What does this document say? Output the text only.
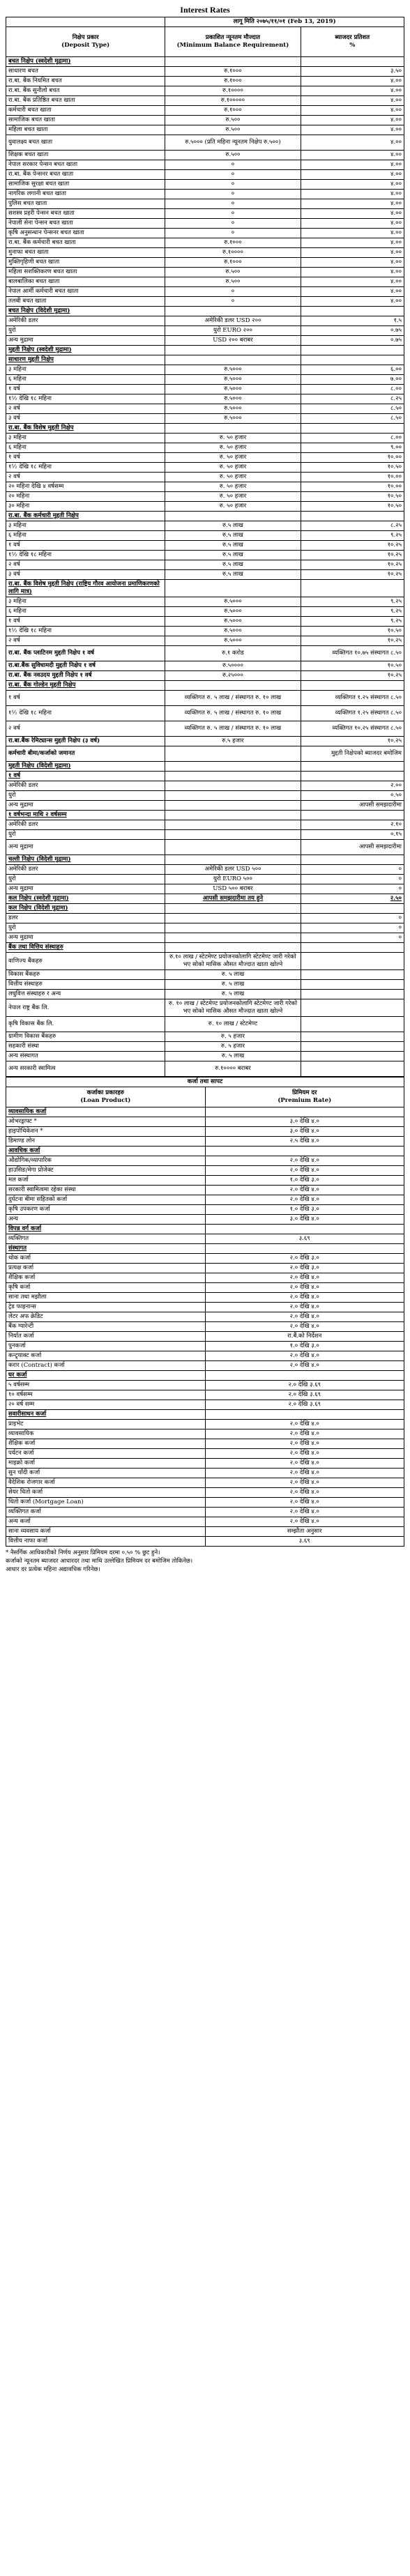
Interest Rates
	लागू मिति २०७५/११/०१ (Feb 13, 2019)	
निक्षेप प्रकार
(Deposit Type)	प्रकाशित न्यूनतम मौज्दात
(Minimum Balance Requirement)	ब्याजदर प्रतिशत
%
बचत निक्षेप (स्वदेशी मुद्रामा)		
साधारण बचत	रु.१०००	३.५०
रा.बा. बैंक नियमित बचत	रु.१०००	४.००
रा.बा. बैंक सुनौलो बचत	रु.१००००	४.००
रा.बा. बैंक प्रतिष्ठित बचत खाता	रु.१०००००	४.००
कर्मचारी बचत खाता	रु.१०००	४.००
सामाजिक बचत खाता	रु.५००	४.००
महिला बचत खाता	रु.५००	४.००
युवालक्ष्य बचत खाता	रु.५००० (प्रति महिना न्यूनतम निक्षेप रु.५००)	४.००
शिक्षक बचत खाता	रु.५००	४.००
नेपाल सरकार पेन्सन बचत खाता	०	४.००
रा.बा. बैंक पेन्सनर बचत खाता	०	४.००
सामाजिक सुरक्षा बचत खाता	०	४.००
नागरिक लगानी बचत खाता	०	४.००
पुलिस बचत खाता	०	४.००
सशस्त्र प्रहरी पेन्सन बचत खाता	०	४.००
नेपाली सेना पेन्सन बचत खाता	०	४.००
कृषि अनुसन्धान पेन्सनर बचत खाता	०	४.००
रा.बा. बैंक कर्मचारी बचत खाता	रु.१०००	४.००
मुनाफा बचत खाता	रु.१००००	४.००
मुक्तिगृहिणी बचत खाता	रु.१०००	४.००
महिला सशक्तिकरण बचत खाता	रु.५००	४.००
बालबालिका बचत खाता	रु.५००	४.००
नेपाल आर्मी कर्मचारी बचत खाता	०	४.००
तलबी बचत खाता	०	४.००
बचत निक्षेप (विदेशी मुद्रामा)		
अमेरिकी डलर	अमेरिकी डलर USD २००	१.५
युरो	युरो EURO २००	०.७५
अन्य मुद्रामा	USD २०० बराबर	०.७५
मुद्दती निक्षेप (स्वदेशी मुद्रामा)		
साधारण मुद्दती निक्षेप		
३ महिना	रु.५०००	६.००
६ महिना	रु.५०००	७.००
१ वर्ष	रु.५०००	८.००
१½ देखि १८ महिना	रु.५०००	८.२५
२ वर्ष	रु.५०००	८.५०
३ वर्ष	रु.५०००	८.५०
रा.बा. बैंक विशेष मुद्दती निक्षेप		
३ महिना	रु. ५० हजार	८.००
६ महिना	रु. ५० हजार	९.००
१ वर्ष	रु. ५० हजार	१०.००
१½ देखि १८ महिना	रु. ५० हजार	१०.५०
२ वर्ष	रु. ५० हजार	१०.००
२० महिना देखि ४ वर्षसम्म	रु. ५० हजार	१०.००
२० महिना	रु. ५० हजार	१०.५०
३० महिना	रु. ५० हजार	१०.५०
रा.बा. बैंक कर्मचारी मुद्दती निक्षेप		
३ महिना	रु.५ लाख	८.२५
६ महिना	रु.५ लाख	९.२५
१ वर्ष	रु.५ लाख	१०.२५
१½ देखि १८ महिना	रु.५ लाख	१०.२५
२ वर्ष	रु.५ लाख	१०.२५
३ वर्ष	रु.५ लाख	१०.२५
रा.बा. बैंक विशेष मुद्दती निक्षेप (राष्ट्रिय गौरव आयोजना प्रमाणिकरणको लागि मात्र)		
३ महिना	रु.५०००	९.२५
६ महिना	रु.५०००	९.२५
१ वर्ष	रु.५०००	९.२५
१½ देखि १८ महिना	रु.५०००	१०.५०
२ वर्ष	रु.५०००	१०.२५
रा.बा. बैंक प्लाटिनम मुद्दती निक्षेप १ वर्ष	रु.१ करोड	व्यक्तिगत १०.७५ संस्थागत ८.५०
रा.बा.बैंक सुविधामदी मुद्दती निक्षेप १ वर्ष	रु.५००००	१०.५०
रा.बा. बैंक नवउदय मुद्दती निक्षेप १ वर्ष	रु.२५०००	१०.२५
रा.बा. बैंक गोल्डेन मुद्दती निक्षेप		
१ वर्ष	व्यक्तिगत रु. ५ लाख / संस्थागत रु. १० लाख	व्यक्तिगत १.२५ संस्थागत ८.५०
१½ देखि १८ महिना	व्यक्तिगत रु. ५ लाख / संस्थागत रु. १० लाख	व्यक्तिगत १.२५ संस्थागत ८.५०
२ वर्ष	व्यक्तिगत रु. ५ लाख / संस्थागत रु. १० लाख	व्यक्तिगत १०.२५ संस्थागत ८.५०
रा.बा.बैंक रेमिट्यान्स मुद्दती निक्षेप (३ वर्ष)	रु.५ हजार	१०.२५
कर्मचारी बीमा/कर्जाको जमानत		मुद्दती निक्षेपको ब्याजदर बमोजिम
मुद्दती निक्षेप (विदेशी मुद्रामा)		
१ वर्ष		
अमेरिकी डलर		२.००
युरो		०.५०
अन्य मुद्रामा		आपसी समझदारीमा
१ वर्षभन्दा माथि २ वर्षसम्म		
अमेरिकी डलर		२.१०
युरो		०.१५
अन्य मुद्रामा		आपसी समझदारीमा
चल्ती निक्षेप (विदेशी मुद्रामा)		
अमेरिकी डलर	अमेरिकी डलर USD ५००	०
युरो	युरो EURO ५००	०
अन्य मुद्रामा	USD ५०० बराबर	०
कल निक्षेप (स्वदेशी मुद्रामा)	आपसी समझदारीमा तय हुने	२.५०
कल निक्षेप (विदेशी मुद्रामा)		
डलर		०
युरो		०
अन्य मुद्रामा		०
बैंक तथा वित्तिय संस्थाहरु		
वाणिज्य बैंकहरु	रु.१० लाख / स्टेटमेण्ट प्रयोजनकोलागि स्टेटमेण्ट जारी गरेको भए सोको मासिक औसत मौज्दात खाता खोल्ने	
विकास बैंकहरु	रु. ५ लाख	
वित्तीय संस्थाहरु	रु. ५ लाख	
लघुवित्त संस्थाहरु र अन्य	रु. ५ लाख	
नेपाल राष्ट्र बैंक लि.	रु. १० लाख / स्टेटमेण्ट प्रयोजनकोलागि स्टेटमेण्ट जारी गरेको भए सोको मासिक औसत मौज्दात खाता खोल्ने	
कृषि विकास बैंक लि.	रु. १० लाख / स्टेटमेण्ट	
ग्रामीण विकास बैंकहरु	रु. ५ हजार	
सहकारी संस्था	रु. ५ हजार	
अन्य संस्थागत	रु. ५ लाख	
अन्य सरकारी स्वामित्व	रु.१०००० बराबर	
कर्जा तथा सापट	
कर्जाका प्रकारहरु
(Loan Product)	प्रिमियम दर
(Premium Rate)
व्यावसायिक कर्जा	
ओभरड्राफ्ट *	३.० देखि ४.०
हाइपोथिकेशन *	३.० देखि ४.०
डिमाण्ड लोन	२.५ देखि ४.०
आवधिक कर्जा	
औद्योगिक/व्यापारिक	२.० देखि ४.०
हाउसिङ/मेगा प्रोजेक्ट	२.० देखि ४.०
मल कर्जा	१.० देखि ३.०
सरकारी स्वामित्वमा रहेका संस्था	२.० देखि ४.०
दुर्घटना बीमा सहितको कर्जा	२.० देखि ४.०
कृषि उपकरण कर्जा	१.० देखि ३.०
अन्य	३.० देखि ४.०
विपन्न वर्ग कर्जा	
व्यक्तिगत	३.६९
संस्थागत	
थोक कर्जा	२.० देखि ३.०
प्रत्यक्ष कर्जा	२.० देखि ३.०
शैक्षिक कर्जा	२.० देखि ४.०
कृषि कर्जा	२.० देखि ४.०
साना तथा मझौला	२.० देखि ४.०
ट्रेड फाइनान्स	२.० देखि ४.०
लेटर अफ क्रेडिट	२.० देखि ४.०
बैंक ग्यारेन्टी	२.० देखि ४.०
निर्यात कर्जा	रा.बैं.को निर्देशन
पुनकर्जा	१.० देखि ३.०
कन्ट्र्याक्ट कर्जा	२.० देखि ४.०
करार (Contract) कर्जा	२.० देखि ४.०
घर कर्जा	
५ वर्षसम्म	२.० देखि ३.६९
१० वर्षसम्म	२.० देखि ३.६९
२० वर्ष सम्म	२.० देखि ३.६९
सवारीसाधन कर्जा	
प्राइभेट	२.० देखि ४.०
व्यावसायिक	२.० देखि ४.०
शैक्षिक कर्जा	२.० देखि ४.०
पर्यटन कर्जा	२.० देखि ४.०
माइक्रो कर्जा	२.० देखि ४.०
सुन चाँदी कर्जा	२.० देखि ४.०
वैदेशिक रोजगार कर्जा	२.० देखि ४.०
सेयर धितो कर्जा	२.० देखि ४.०
धितो कर्जा (Mortgage Loan)	२.० देखि ४.०
व्यक्तिगत कर्जा	२.० देखि ४.०
अन्य कर्जा	२.० देखि ४.०
साना व्यवसाय कर्जा	सम्झौता अनुसार
वित्तीय नाफा कर्जा	३.६९
* नैसर्गिक आधिकारीको निर्णय अनुसार प्रिमियम दरमा ०.५० % छुट हुने।
कर्जाको न्यूनतम ब्याजदर आधारदर तथा माथि उल्लेखित प्रिमियम दर बमोजिम तोकिनेछ।
आधार दर प्रत्येक महिना अद्यावधिक गरिनेछ।
